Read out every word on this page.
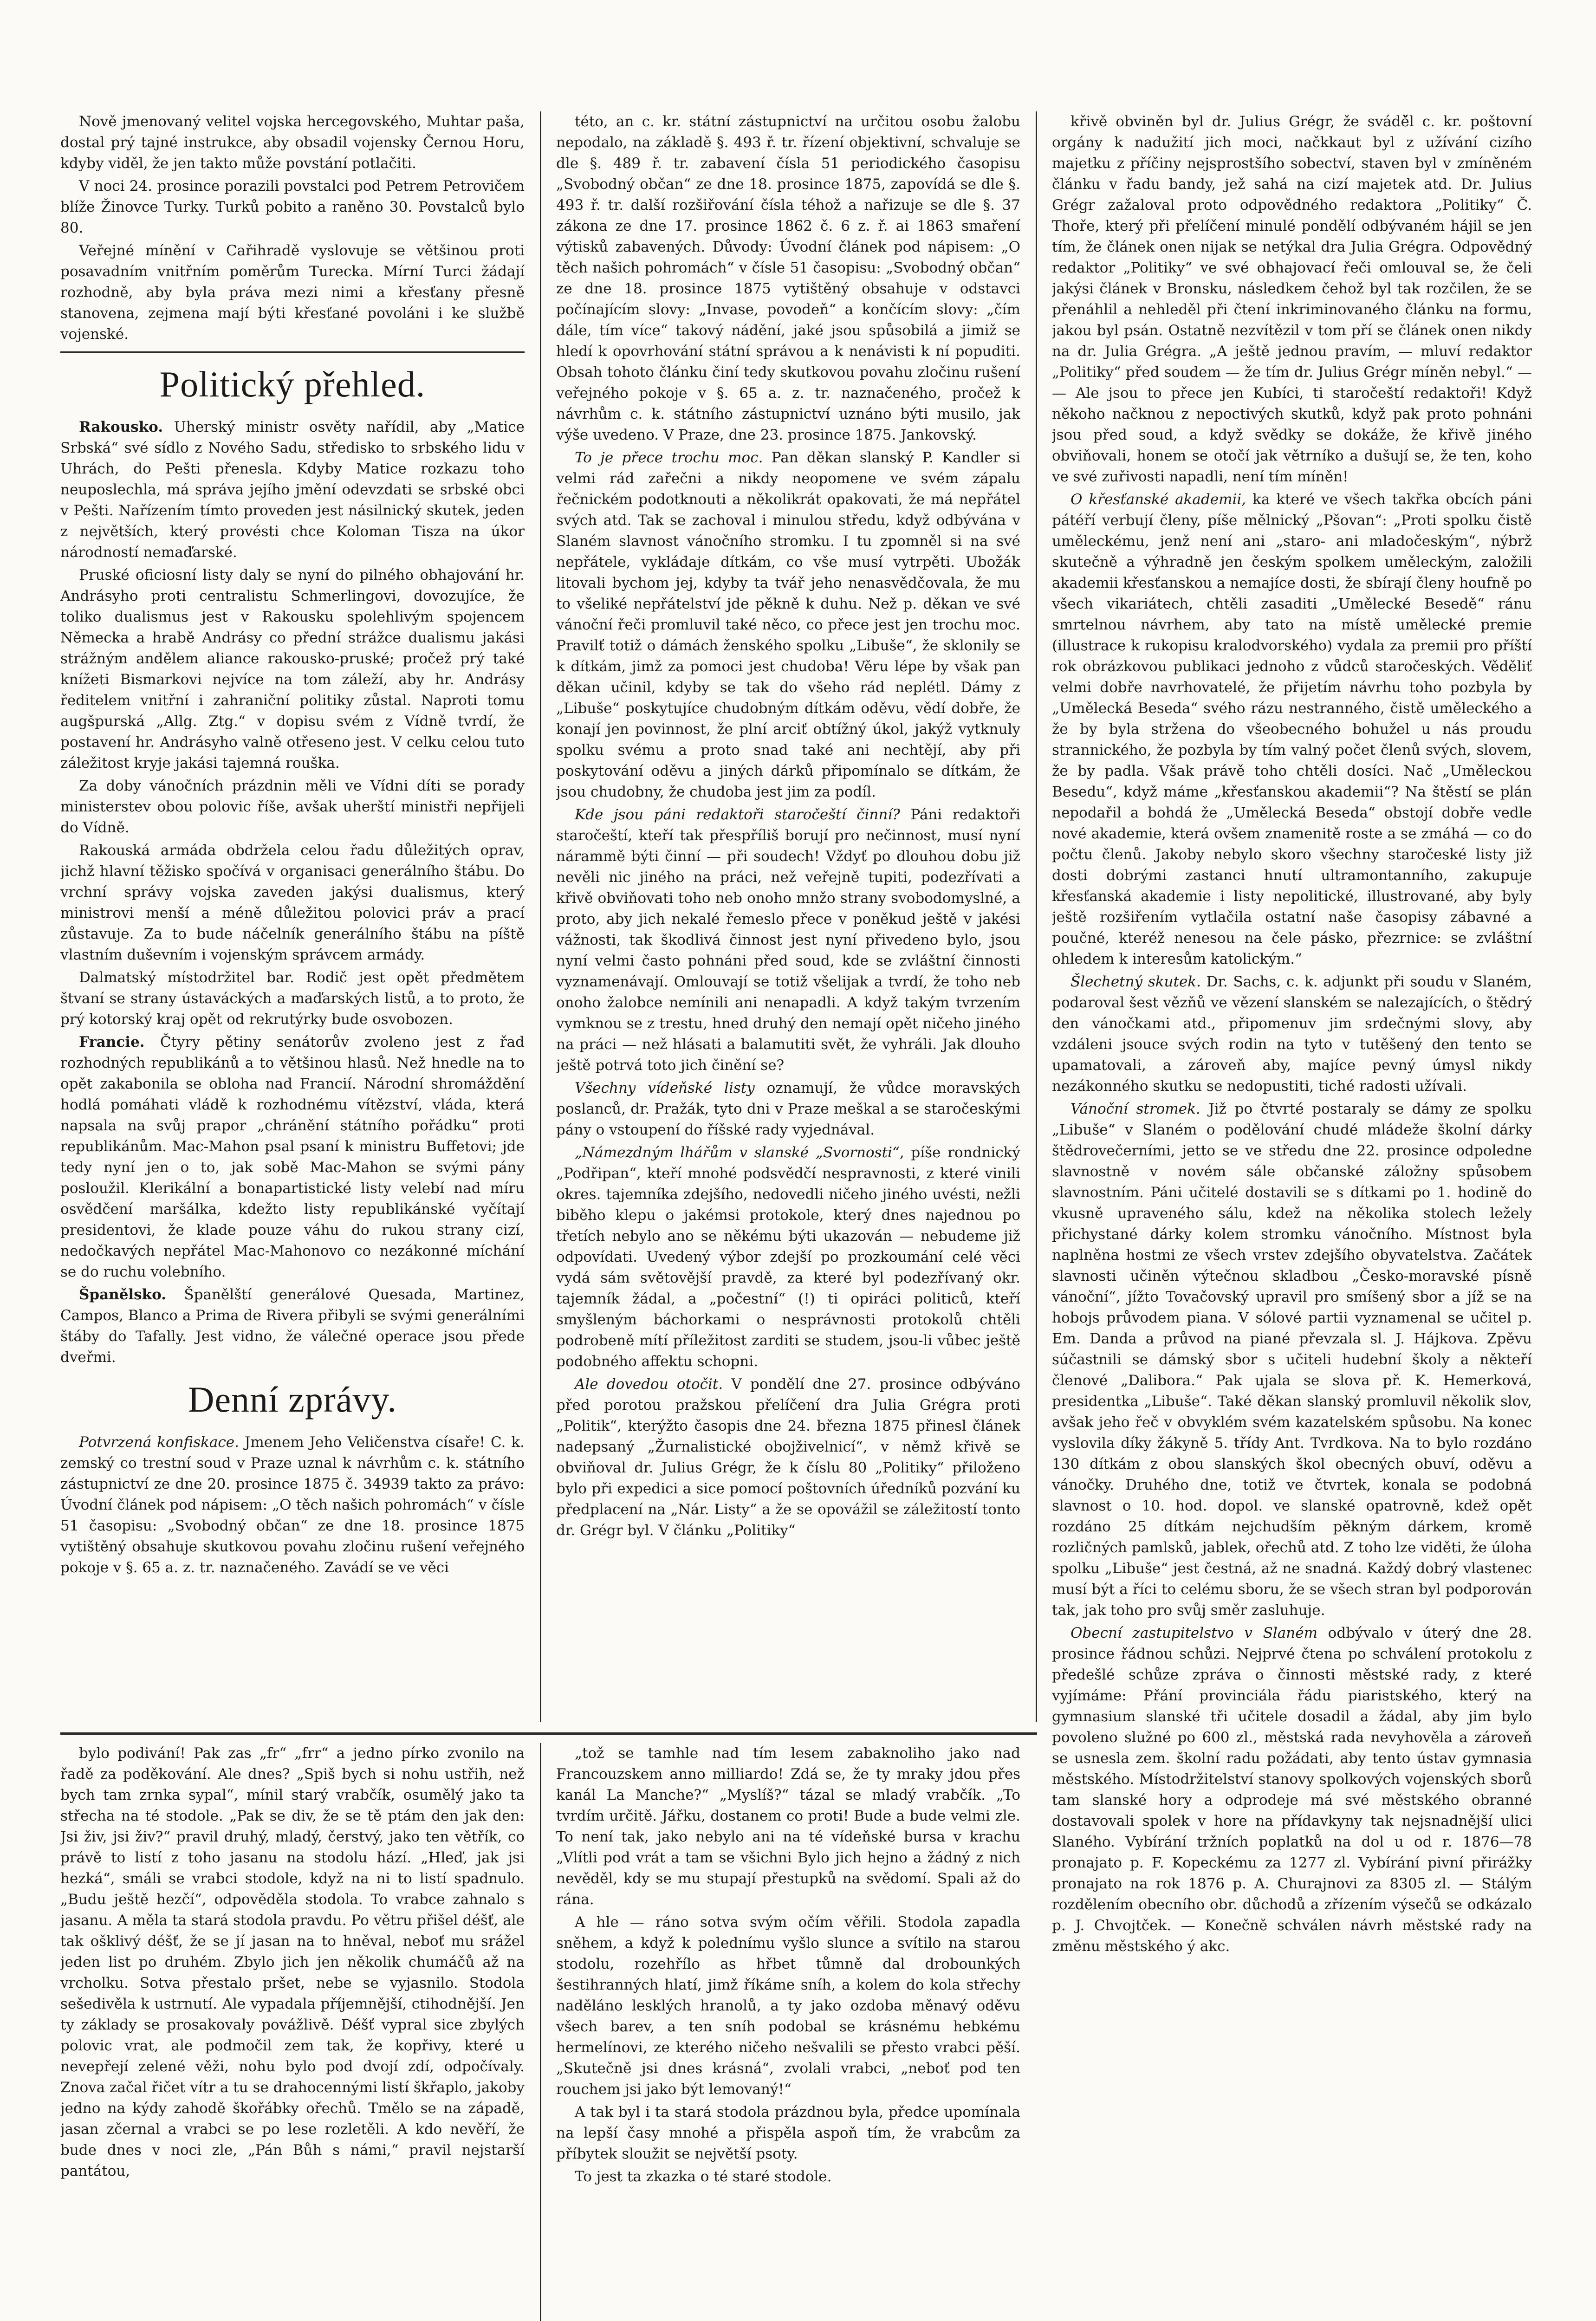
Nově jmenovaný velitel vojska hercegovského, Muhtar paša, dostal prý tajné instrukce, aby obsadil vojensky Černou Horu, kdyby viděl, že jen takto může povstání potlačiti.

V noci 24. prosince porazili povstalci pod Petrem Petrovičem blíže Žinovce Turky. Turků pobito a raněno 30. Povstalců bylo 80.

Veřejné mínění v Cařihradě vyslovuje se většinou proti posavadním vnitřním poměrům Turecka. Mírní Turci žádají rozhodně, aby byla práva mezi nimi a křesťany přesně stanovena, zejmena mají býti křesťané povoláni i ke službě vojenské.

Politický přehled.

Rakousko. Uherský ministr osvěty nařídil, aby „Matice Srbská“ své sídlo z Nového Sadu, středisko to srbského lidu v Uhrách, do Pešti přenesla. Kdyby Matice rozkazu toho neuposlechla, má správa jejího jmění odevzdati se srbské obci v Pešti. Nařízením tímto proveden jest násilnický skutek, jeden z největších, který provésti chce Koloman Tisza na úkor národností nemaďarské.

Pruské oficiosní listy daly se nyní do pilného obhajování hr. Andrásyho proti centralistu Schmerlingovi, dovozujíce, že toliko dualismus jest v Rakousku spolehlivým spojencem Německa a hrabě Andrásy co přední strážce dualismu jakási strážným andělem aliance rakousko-pruské; pročež prý také knížeti Bismarkovi nejvíce na tom záleží, aby hr. Andrásy ředitelem vnitřní i zahraniční politiky zůstal. Naproti tomu augšpurská „Allg. Ztg.“ v dopisu svém z Vídně tvrdí, že postavení hr. Andrásyho valně otřeseno jest. V celku celou tuto záležitost kryje jakási tajemná rouška.

Za doby vánočních prázdnin měli ve Vídni díti se porady ministerstev obou polovic říše, avšak uherští ministři nepřijeli do Vídně.

Rakouská armáda obdržela celou řadu důležitých oprav, jichž hlavní těžisko spočívá v organisaci generálního štábu. Do vrchní správy vojska zaveden jakýsi dualismus, který ministrovi menší a méně důležitou polovici práv a prací zůstavuje. Za to bude náčelník generálního štábu na píště vlastním duševním i vojenským správcem armády.

Dalmatský místodržitel bar. Rodič jest opět předmětem štvaní se strany ústaváckých a maďarských listů, a to proto, že prý kotorský kraj opět od rekrutýrky bude osvobozen.

Francie. Čtyry pětiny senátorův zvoleno jest z řad rozhodných republikánů a to většinou hlasů. Než hnedle na to opět zakabonila se obloha nad Francií. Národní shromáždění hodlá pomáhati vládě k rozhodnému vítězství, vláda, která napsala na svůj prapor „chránění státního pořádku“ proti republikánům. Mac-Mahon psal psaní k ministru Buffetovi; jde tedy nyní jen o to, jak sobě Mac-Mahon se svými pány posloužil. Klerikální a bonapartistické listy velebí nad míru osvědčení maršálka, kdežto listy republikánské vyčítají presidentovi, že klade pouze váhu do rukou strany cizí, nedočkavých nepřátel Mac-Mahonovo co nezákonné míchání se do ruchu volebního.

Španělsko. Španělští generálové Quesada, Martinez, Campos, Blanco a Prima de Rivera přibyli se svými generálními štáby do Tafally. Jest vidno, že válečné operace jsou přede dveřmi.

Denní zprávy.

Potvrzená konfiskace. Jmenem Jeho Veličenstva císaře! C. k. zemský co trestní soud v Praze uznal k návrhům c. k. státního zástupnictví ze dne 20. prosince 1875 č. 34939 takto za právo: Úvodní článek pod nápisem: „O těch našich pohromách“ v čísle 51 časopisu: „Svobodný občan“ ze dne 18. prosince 1875 vytištěný obsahuje skutkovou povahu zločinu rušení veřejného pokoje v §. 65 a. z. tr. naznačeného. Zavádí se ve věci

této, an c. kr. státní zástupnictví na určitou osobu žalobu nepodalo, na základě §. 493 ř. tr. řízení objektivní, schvaluje se dle §. 489 ř. tr. zabavení čísla 51 periodického časopisu „Svobodný občan“ ze dne 18. prosince 1875, zapovídá se dle §. 493 ř. tr. další rozšiřování čísla téhož a nařizuje se dle §. 37 zákona ze dne 17. prosince 1862 č. 6 z. ř. ai 1863 smaření výtisků zabavených. Důvody: Úvodní článek pod nápisem: „O těch našich pohromách“ v čísle 51 časopisu: „Svobodný občan“ ze dne 18. prosince 1875 vytištěný obsahuje v odstavci počínajícím slovy: „Invase, povodeň“ a končícím slovy: „čím dále, tím více“ takový nádění, jaké jsou spůsobilá a jimiž se hledí k opovrhování státní správou a k nenávisti k ní popuditi. Obsah tohoto článku činí tedy skutkovou povahu zločinu rušení veřejného pokoje v §. 65 a. z. tr. naznačeného, pročež k návrhům c. k. státního zástupnictví uznáno býti musilo, jak výše uvedeno. V Praze, dne 23. prosince 1875. Jankovský.

To je přece trochu moc. Pan děkan slanský P. Kandler si velmi rád zařečni a nikdy neopomene ve svém zápalu řečnickém podotknouti a několikrát opakovati, že má nepřátel svých atd. Tak se zachoval i minulou středu, když odbývána v Slaném slavnost vánočního stromku. I tu zpomněl si na své nepřátele, vykládaje dítkám, co vše musí vytrpěti. Ubožák litovali bychom jej, kdyby ta tvář jeho nenasvědčovala, že mu to všeliké nepřátelství jde pěkně k duhu. Než p. děkan ve své vánoční řeči promluvil také něco, co přece jest jen trochu moc. Pravilť totiž o dámách ženského spolku „Libuše“, že sklonily se k dítkám, jimž za pomoci jest chudoba! Věru lépe by však pan děkan učinil, kdyby se tak do všeho rád neplétl. Dámy z „Libuše“ poskytujíce chudobným dítkám oděvu, vědí dobře, že konají jen povinnost, že plní arciť obtížný úkol, jakýž vytknuly spolku svému a proto snad také ani nechtějí, aby při poskytování oděvu a jiných dárků připomínalo se dítkám, že jsou chudobny, že chudoba jest jim za podíl.

Kde jsou páni redaktoři staročeští činní? Páni redaktoři staročeští, kteří tak přespříliš borují pro nečinnost, musí nyní nárammě býti činní — při soudech! Vždyť po dlouhou dobu již nevěli nic jiného na práci, než veřejně tupiti, podezřívati a křivě obviňovati toho neb onoho mnžo strany svobodomyslné, a proto, aby jich nekalé řemeslo přece v poněkud ještě v jakési vážnosti, tak škodlivá činnost jest nyní přivedeno bylo, jsou nyní velmi často pohnáni před soud, kde se zvláštní činnosti vyznamenávají. Omlouvají se totiž všelijak a tvrdí, že toho neb onoho žalobce nemínili ani nenapadli. A když takým tvrzením vymknou se z trestu, hned druhý den nemají opět ničeho jiného na práci — než hlásati a balamutiti svět, že vyhráli. Jak dlouho ještě potrvá toto jich činění se?

Všechny vídeňské listy oznamují, že vůdce moravských poslanců, dr. Pražák, tyto dni v Praze meškal a se staročeskými pány o vstoupení do říšské rady vyjednával.

„Námezdným lhářům v slanské „Svornosti“, píše rondnický „Podřipan“, kteří mnohé podsvědčí nespravnosti, z které vinili okres. tajemníka zdejšího, nedovedli ničeho jiného uvésti, nežli biběho klepu o jakémsi protokole, který dnes najednou po třetích nebylo ano se někému býti ukazován — nebudeme již odpovídati. Uvedený výbor zdejší po prozkoumání celé věci vydá sám světovější pravdě, za které byl podezřívaný okr. tajemník žádal, a „počestní“ (!) ti opiráci politiců, kteří smyšleným báchorkami o nesprávnosti protokolů chtěli podrobeně mítí příležitost zarditi se studem, jsou-li vůbec ještě podobného affektu schopni.

Ale dovedou otočit. V pondělí dne 27. prosince odbýváno před porotou pražskou přelíčení dra Julia Grégra proti „Politik“, kterýžto časopis dne 24. března 1875 přinesl článek nadepsaný „Žurnalistické obojživelnicí“, v němž křivě se obviňoval dr. Julius Grégr, že k číslu 80 „Politiky“ přiloženo bylo při expedici a sice pomocí poštovních úředníků pozvání ku předplacení na „Nár. Listy“ a že se opovážil se záležitostí tonto dr. Grégr byl. V článku „Politiky“

křivě obviněn byl dr. Julius Grégr, že svádě̌l c. kr. poštovní orgány k nadužití jich moci, načkkaut byl z užívání cizího majetku z příčiny nejsprostšího sobectví, staven byl v zmíněném článku v řadu bandy, jež sahá na cizí majetek atd. Dr. Julius Grégr zažaloval proto odpovědného redaktora „Politiky“ Č. Thoře, který při přelíčení minulé pondělí odbývaném hájil se jen tím, že článek onen nijak se netýkal dra Julia Grégra. Odpovědný redaktor „Politiky“ ve své obhajovací řeči omlouval se, že čeli jakýsi článek v Bronsku, následkem čehož byl tak rozčilen, že se přenáhlil a nehleděl při čtení inkriminovaného článku na formu, jakou byl psán. Ostatně nezvítězil v tom pří se článek onen nikdy na dr. Julia Grégra. „A ještě jednou pravím, — mluví redaktor „Politiky“ před soudem — že tím dr. Julius Grégr míněn nebyl.“ — — Ale jsou to přece jen Kubíci, ti staročeští redaktoři! Když někoho načknou z nepoctivých skutků, když pak proto pohnáni jsou před soud, a když svědky se dokáže, že křivě jiného obviňovali, honem se otočí jak větrníko a dušují se, že ten, koho ve své zuřivosti napadli, není tím míněn!

O křesťanské akademii, ka které ve všech takřka obcích páni pátéří verbují členy, píše mělnický „Pšovan“: „Proti spolku čistě uměleckému, jenž není ani „staro- ani mladočeským“, nýbrž skutečně a výhradně jen českým spolkem uměleckým, založili akademii křesťanskou a nemajíce dosti, že sbírají členy houfně po všech vikariátech, chtěli zasaditi „Umělecké Besedě“ ránu smrtelnou návrhem, aby tato na místě umělecké premie (illustrace k rukopisu kralodvorského) vydala za premii pro příští rok obrázkovou publikaci jednoho z vůdců staročeských. Věděliť velmi dobře navrhovatelé, že přijetím návrhu toho pozbyla by „Umělecká Beseda“ svého rázu nestranného, čistě uměleckého a že by byla stržena do všeobecného bohužel u nás proudu strannického, že pozbyla by tím valný počet členů svých, slovem, že by padla. Však právě toho chtěli dosíci. Nač „Uměleckou Besedu“, když máme „křesťanskou akademii“? Na štěstí se plán nepodařil a bohdá že „Umělecká Beseda“ obstojí dobře vedle nové akademie, která ovšem znamenitě roste a se zmáhá — co do počtu členů. Jakoby nebylo skoro všechny staročeské listy již dosti dobrými zastanci hnutí ultramontanního, zakupuje křesťanská akademie i listy nepolitické, illustrované, aby byly ještě rozšiřením vytlačila ostatní naše časopisy zábavné a poučné, kteréž nenesou na čele pásko, přezrnice: se zvláštní ohledem k interesům katolickým.“

Šlechetný skutek. Dr. Sachs, c. k. adjunkt při soudu v Slaném, podaroval šest vězňů ve vězení slanském se nalezajících, o štědrý den vánočkami atd., připomenuv jim srdečnými slovy, aby vzdáleni jsouce svých rodin na tyto v tutěšený den tento se upamatovali, a zároveň aby, majíce pevný úmysl nikdy nezákonného skutku se nedopustiti, tiché radosti užívali.

Vánoční stromek. Již po čtvrté postaraly se dámy ze spolku „Libuše“ v Slaném o podělování chudé mládeže školní dárky štědrovečerními, jetto se ve středu dne 22. prosince odpoledne slavnostně v novém sále občanské záložny spůsobem slavnostním. Páni učitelé dostavili se s dítkami po 1. hodině do vkusně upraveného sálu, kdež na několika stolech ležely přichystané dárky kolem stromku vánočního. Místnost byla naplněna hostmi ze všech vrstev zdejšího obyvatelstva. Začátek slavnosti učiněn výtečnou skladbou „Česko-moravské písně vánoční“, jížto Tovačovský upravil pro smíšený sbor a jíž se na hobojs průvodem piana. V sólové partii vyznamenal se učitel p. Em. Danda a průvod na piané převzala sl. J. Hájkova. Zpěvu súčastnili se dámský sbor s učiteli hudební školy a někteří členové „Dalibora.“ Pak ujala se slova př. K. Hemerková, presidentka „Libuše“. Také děkan slanský promluvil několik slov, avšak jeho řeč v obvyklém svém kazatelském spůsobu. Na konec vyslovila díky žákyně 5. třídy Ant. Tvrdkova. Na to bylo rozdáno 130 dítkám z obou slanských škol obecných obuví, oděvu a vánočky. Druhého dne, totiž ve čtvrtek, konala se podobná slavnost o 10. hod. dopol. ve slanské opatrovně, kdež opět rozdáno 25 dítkám nejchudším pěkným dárkem, kromě rozličných pamlsků, jablek, ořechů atd. Z toho lze viděti, že úloha spolku „Libuše“ jest čestná, až ne snadná. Každý dobrý vlastenec musí být a říci to celému sboru, že se všech stran byl podporován tak, jak toho pro svůj směr zasluhuje.

Obecní zastupitelstvo v Slaném odbývalo v úterý dne 28. prosince řádnou schůzi. Nejprvé čtena po schválení protokolu z předešlé schůze zpráva o činnosti městské rady, z které vyjímáme: Přání provinciála řádu piaristského, který na gymnasium slanské tři učitele dosadil a žádal, aby jim bylo povoleno služné po 600 zl., městská rada nevyhověla a zároveň se usnesla zem. školní radu požádati, aby tento ústav gymnasia městského. Místodržitelství stanovy spolkových vojenských sborů tam slanské hory a odprodeje má své městského obranné dostavovali spolek v hore na přídavkyny tak nejsnadnější ulici Slaného. Vybírání tržních poplatků na dol u od r. 1876—78 pronajato p. F. Kopeckému za 1277 zl. Vybírání pivní přirážky pronajato na rok 1876 p. A. Churajnovi za 8305 zl. — Stálým rozdělením obecního obr. důchodů a zřízením výsečů se odkázalo p. J. Chvojtček. — Konečně schválen návrh městské rady na změnu městského ý akc.

bylo podivání! Pak zas „fr“ „frr“ a jedno pírko zvonilo na řadě za poděkování. Ale dnes? „Spiš bych si nohu ustřih, než bych tam zrnka sypal“, mínil starý vrabčík, osumělý jako ta střecha na té stodole. „Pak se div, že se tě ptám den jak den: Jsi živ, jsi živ?“ pravil druhý, mladý, čerstvý, jako ten větřík, co právě to listí z toho jasanu na stodolu hází. „Hleď, jak jsi hezká“, smáli se vrabci stodole, když na ni to listí spadnulo. „Budu ještě hezčí“, odpověděla stodola. To vrabce zahnalo s jasanu. A měla ta stará stodola pravdu. Po větru přišel déšť, ale tak ošklivý déšť, že se jí jasan na to hněval, neboť mu srážel jeden list po druhém. Zbylo jich jen několik chumáčů až na vrcholku. Sotva přestalo pršet, nebe se vyjasnilo. Stodola sešedivěla k ustrnutí. Ale vypadala příjemnější, ctihodnější. Jen ty základy se prosakovaly povážlivě. Déšť vypral sice zbylých polovic vrat, ale podmočil zem tak, že kopřivy, které u nevepřejí zelené věži, nohu bylo pod dvojí zdí, odpočívaly. Znova začal řičet vítr a tu se drahocennými listí škřaplo, jakoby jedno na kýdy zahodě škořábky ořechů. Tmělo se na západě, jasan zčernal a vrabci se po lese rozletěli. A kdo nevěří, že bude dnes v noci zle, „Pán Bůh s námi,“ pravil nejstarší pantátou,

„tož se tamhle nad tím lesem zabaknoliho jako nad Francouzskem anno milliardo! Zdá se, že ty mraky jdou přes kanál La Manche?“ „Myslíš?“ tázal se mladý vrabčík. „To tvrdím určitě. Jářku, dostanem co proti! Bude a bude velmi zle. To není tak, jako nebylo ani na té vídeňské bursa v krachu „Vlítli pod vrát a tam se všichni Bylo jich hejno a žádný z nich nevěděl, kdy se mu stupají přestupků na svědomí. Spali až do rána.

A hle — ráno sotva svým očím věřili. Stodola zapadla sněhem, a když k polednímu vyšlo slunce a svítilo na starou stodolu, rozehřílo as hřbet tůmně dal drobounkých šestihranných hlatí, jimž říkáme sníh, a kolem do kola střechy naděláno lesklých hranolů, a ty jako ozdoba měnavý oděvu všech barev, a ten sníh podobal se krásnému hebkému hermelínovi, ze kterého ničeho nešvalili se přesto vrabci pěší. „Skutečně jsi dnes krásná“, zvolali vrabci, „neboť pod ten rouchem jsi jako být lemovaný!“

A tak byl i ta stará stodola prázdnou byla, předce upomínala na lepší časy mnohé a přispěla aspoň tím, že vrabcům za příbytek sloužit se největší psoty.

To jest ta zkazka o té staré stodole.
